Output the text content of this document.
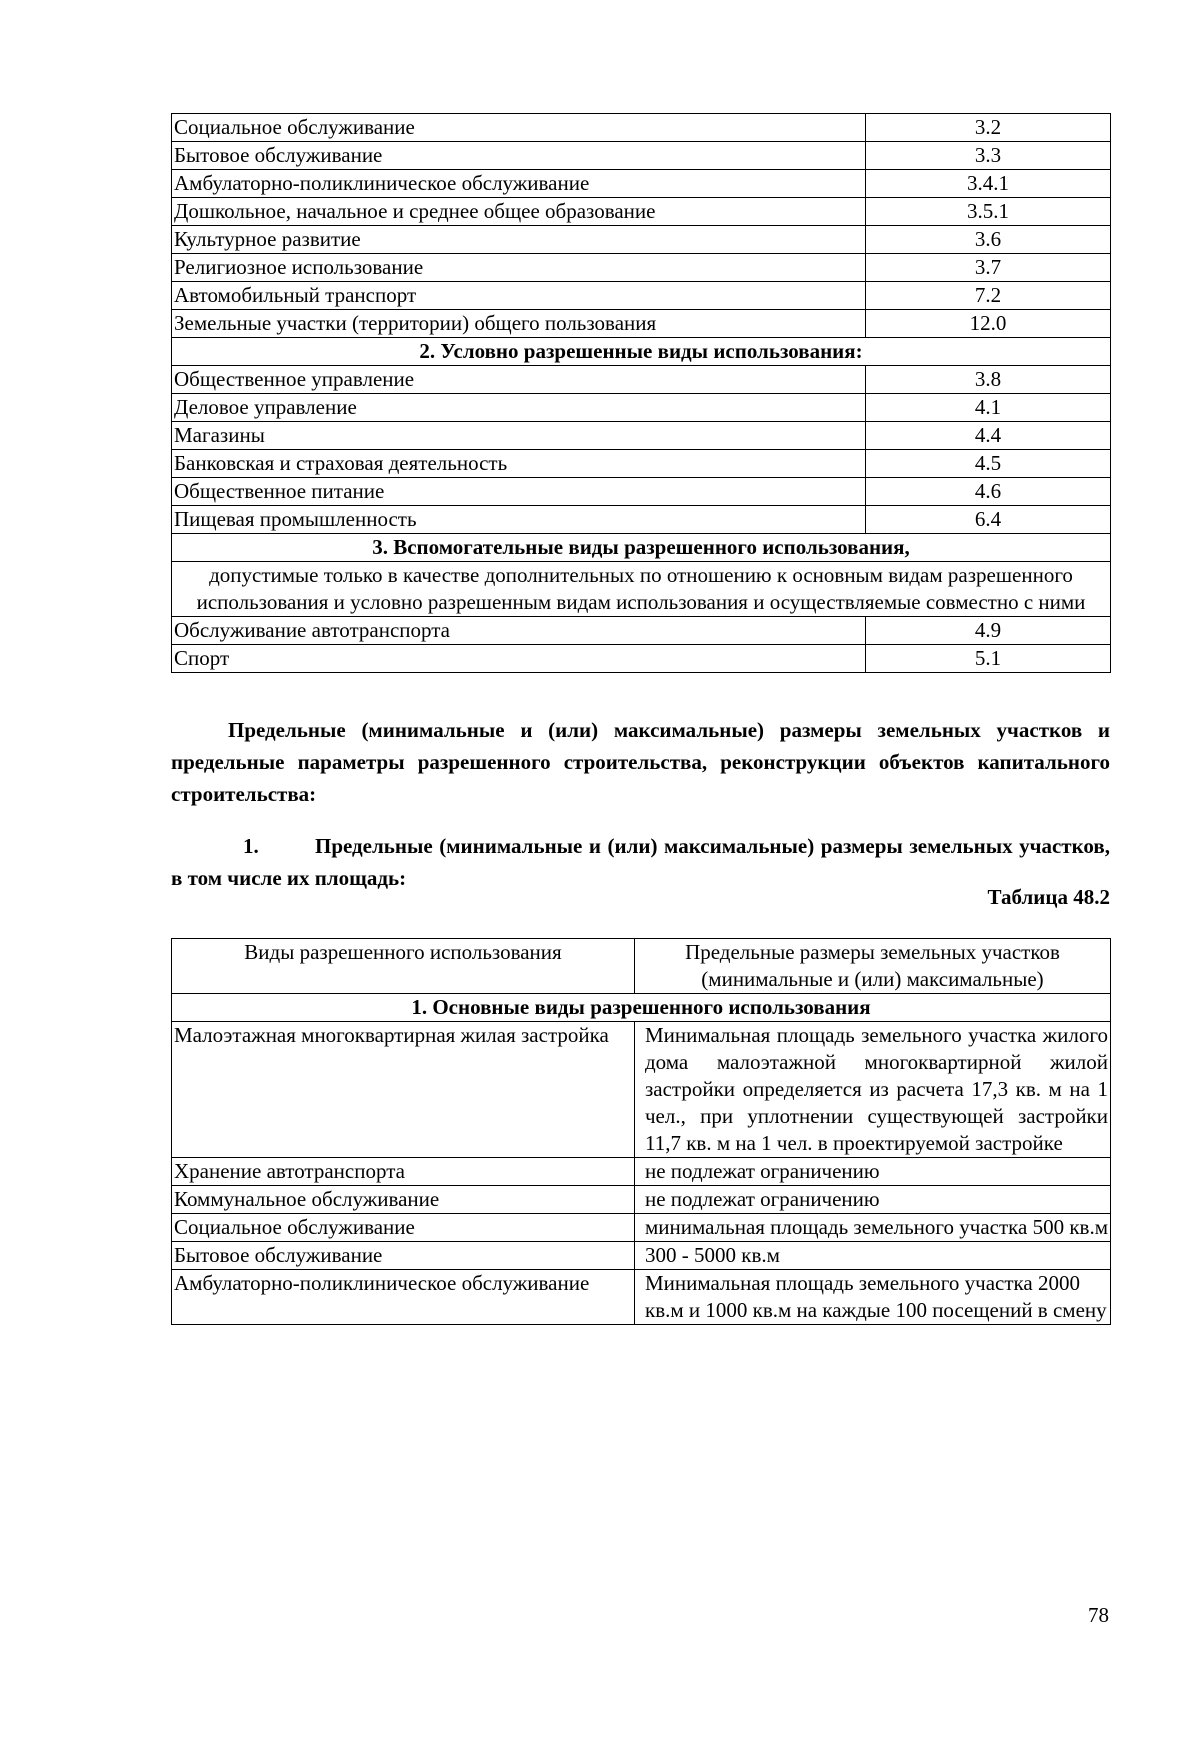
Социальное обслуживание	3.2
Бытовое обслуживание	3.3
Амбулаторно-поликлиническое обслуживание	3.4.1
Дошкольное, начальное и среднее общее образование	3.5.1
Культурное развитие	3.6
Религиозное использование	3.7
Автомобильный транспорт	7.2
Земельные участки (территории) общего пользования	12.0
2. Условно разрешенные виды использования:	
Общественное управление	3.8
Деловое управление	4.1
Магазины	4.4
Банковская и страховая деятельность	4.5
Общественное питание	4.6
Пищевая промышленность	6.4
3. Вспомогательные виды разрешенного использования,	
допустимые только в качестве дополнительных по отношению к основным видам разрешенного использования и условно разрешенным видам использования и осуществляемые совместно с ними	
Обслуживание автотранспорта	4.9
Спорт	5.1

Предельные (минимальные и (или) максимальные) размеры земельных участков и предельные параметры разрешенного строительства, реконструкции объектов капитального строительства:

1.	Предельные (минимальные и (или) максимальные) размеры земельных участков, в том числе их площадь:

Таблица 48.2
Виды разрешенного использования	Предельные размеры земельных участков (минимальные и (или) максимальные)
1. Основные виды разрешенного использования	
Малоэтажная многоквартирная жилая застройка	Минимальная площадь земельного участка жилого дома малоэтажной многоквартирной жилой застройки определяется из расчета 17,3 кв. м на 1 чел., при уплотнении существующей застройки 11,7 кв. м на 1 чел. в проектируемой застройке
Хранение автотранспорта	не подлежат ограничению
Коммунальное обслуживание	не подлежат ограничению
Социальное обслуживание	минимальная площадь земельного участка 500 кв.м
Бытовое обслуживание	300 - 5000 кв.м
Амбулаторно-поликлиническое обслуживание	Минимальная площадь земельного участка 2000 кв.м и 1000 кв.м на каждые 100 посещений в смену
78
